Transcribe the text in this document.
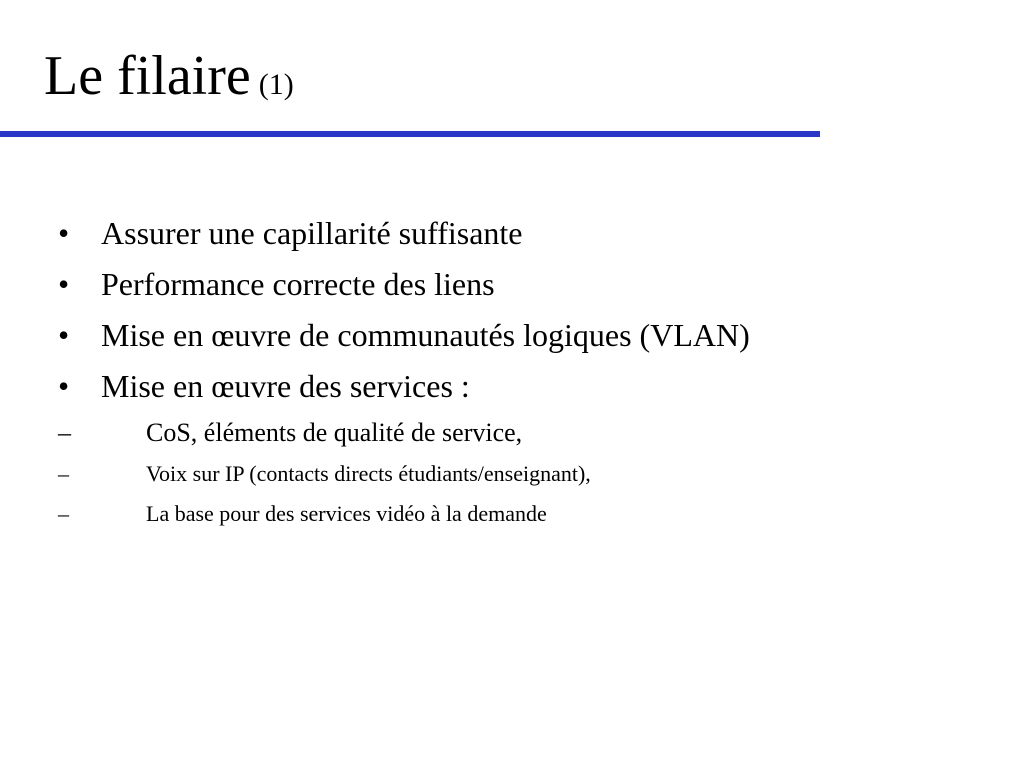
Le filaire (1)
• Assurer une capillarité suffisante
• Performance correcte des liens
• Mise en œuvre de communautés logiques (VLAN)
• Mise en œuvre des services :
–	CoS, éléments de qualité de service,
–	Voix sur IP (contacts directs étudiants/enseignant),
–	La base pour des services vidéo à la demande
